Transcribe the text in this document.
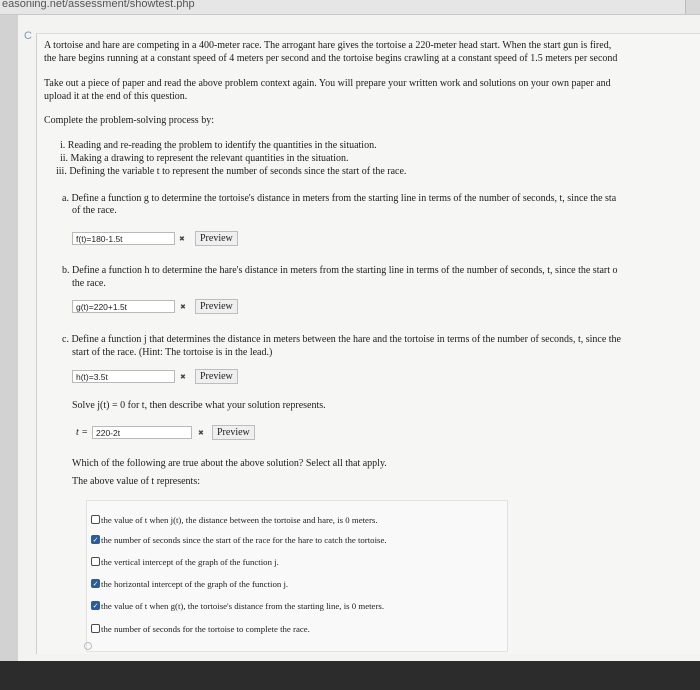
easoning.net/assessment/showtest.php
C
A tortoise and hare are competing in a 400-meter race. The arrogant hare gives the tortoise a 220-meter head start. When the start gun is fired,
the hare begins running at a constant speed of 4 meters per second and the tortoise begins crawling at a constant speed of 1.5 meters per second
Take out a piece of paper and read the above problem context again. You will prepare your written work and solutions on your own paper and
upload it at the end of this question.
Complete the problem-solving process by:
i. Reading and re-reading the problem to identify the quantities in the situation.
ii. Making a drawing to represent the relevant quantities in the situation.
iii. Defining the variable t to represent the number of seconds since the start of the race.
a. Define a function g to determine the tortoise's distance in meters from the starting line in terms of the number of seconds, t, since the sta
of the race.
f(t)=180-1.5t	✖	Preview
b. Define a function h to determine the hare's distance in meters from the starting line in terms of the number of seconds, t, since the start o
the race.
g(t)=220+1.5t	✖	Preview
c. Define a function j that determines the distance in meters between the hare and the tortoise in terms of the number of seconds, t, since the
start of the race. (Hint: The tortoise is in the lead.)
h(t)=3.5t	✖	Preview
Solve j(t) = 0 for t, then describe what your solution represents.
t = 220-2t	✖	Preview
Which of the following are true about the above solution? Select all that apply.
The above value of t represents:
the value of t when j(t), the distance between the tortoise and hare, is 0 meters.
✓ the number of seconds since the start of the race for the hare to catch the tortoise.
the vertical intercept of the graph of the function j.
✓ the horizontal intercept of the graph of the function j.
✓ the value of t when g(t), the tortoise's distance from the starting line, is 0 meters.
the number of seconds for the tortoise to complete the race.
